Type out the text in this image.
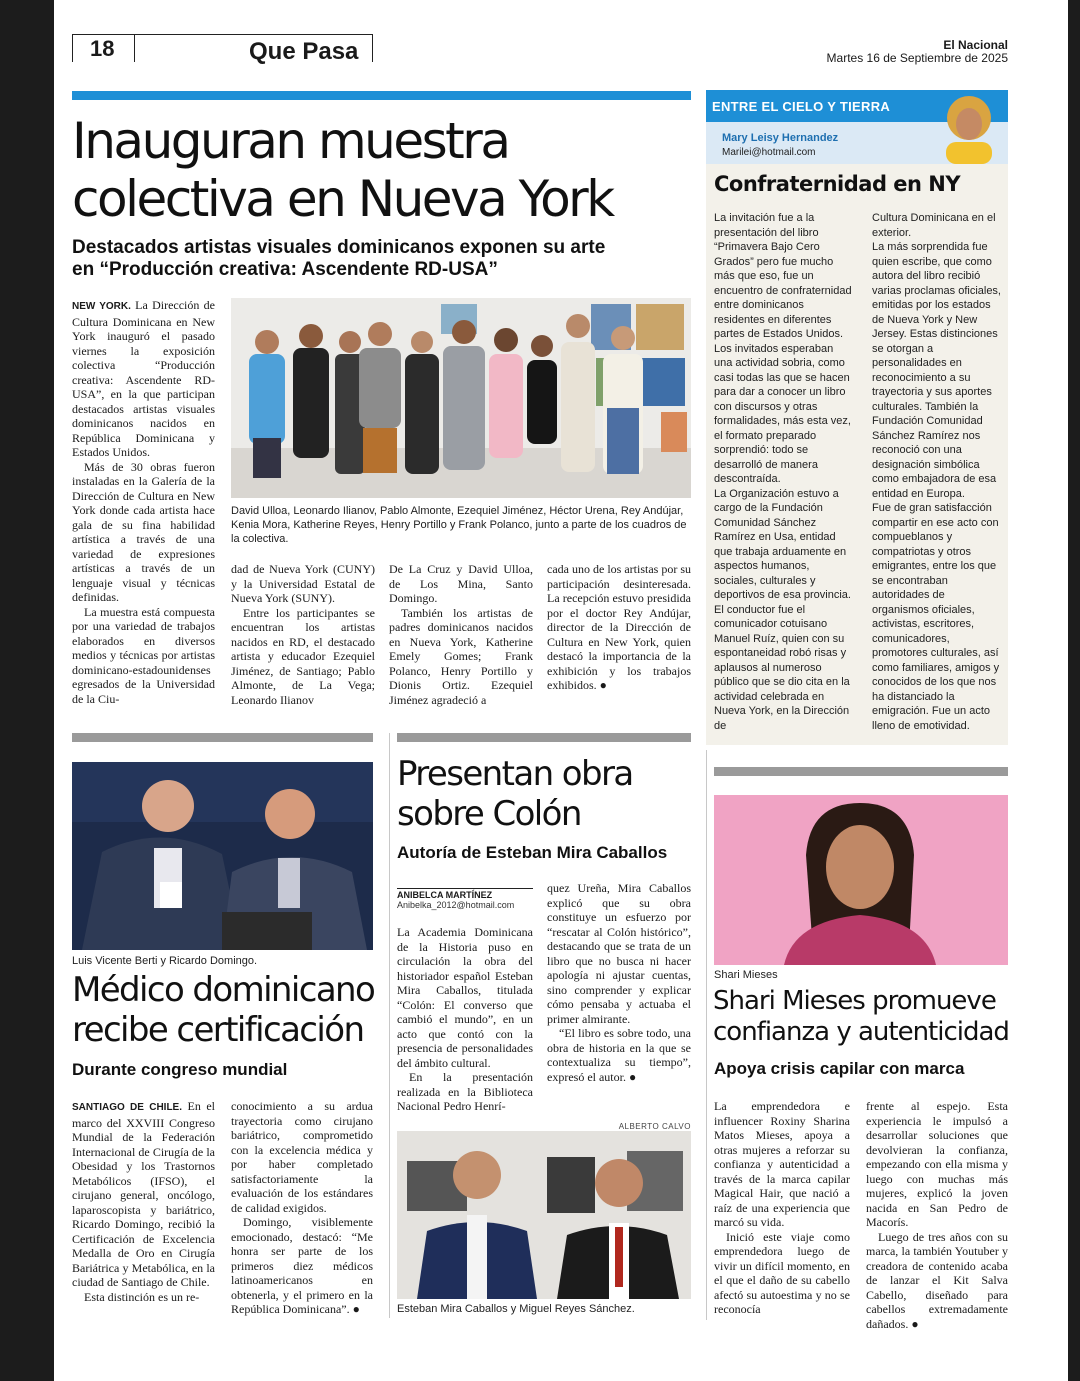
18	Que Pasa	El Nacional
Martes 16 de Septiembre de 2025
Inauguran muestra
colectiva en Nueva York
Destacados artistas visuales dominicanos exponen su arte
en “Producción creativa: Ascendente RD-USA”

NEW YORK. La Dirección de Cultura Dominicana en New York inauguró el pasado viernes la exposición colectiva “Producción creativa: Ascendente RD-USA”, en la que participan destacados artistas visuales dominicanos nacidos en República Dominicana y Estados Unidos.

Más de 30 obras fueron instaladas en la Galería de la Dirección de Cultura en New York donde cada artista hace gala de su fina habilidad artística a través de una variedad de expresiones artísticas a través de un lenguaje visual y técnicas definidas.

La muestra está compuesta por una variedad de trabajos elaborados en diversos medios y técnicas por artistas dominicano-estadounidenses egresados de la Universidad de la Ciu-

David Ulloa, Leonardo Ilianov, Pablo Almonte, Ezequiel Jiménez, Héctor Urena, Rey Andújar, Kenia Mora, Katherine Reyes, Henry Portillo y Frank Polanco, junto a parte de los cuadros de la colectiva.

dad de Nueva York (CUNY) y la Universidad Estatal de Nueva York (SUNY).

Entre los participantes se encuentran los artistas nacidos en RD, el destacado artista y educador Ezequiel Jiménez, de Santiago; Pablo Almonte, de La Vega; Leonardo Ilianov

De La Cruz y David Ulloa, de Los Mina, Santo Domingo.

También los artistas de padres dominicanos nacidos en Nueva York, Katherine Emely Gomes; Frank Polanco, Henry Portillo y Dionis Ortiz. Ezequiel Jiménez agradeció a

cada uno de los artistas por su participación desinteresada. La recepción estuvo presidida por el doctor Rey Andújar, director de la Dirección de Cultura en New York, quien destacó la importancia de la exhibición y los trabajos exhibidos. ●

ENTRE EL CIELO Y TIERRA
Mary Leisy Hernandez
Marilei@hotmail.com
Confraternidad en NY

La invitación fue a la presentación del libro “Primavera Bajo Cero Grados” pero fue mucho más que eso, fue un encuentro de confraternidad entre dominicanos residentes en diferentes partes de Estados Unidos. Los invitados esperaban una actividad sobria, como casi todas las que se hacen para dar a conocer un libro con discursos y otras formalidades, más esta vez, el formato preparado sorprendió: todo se desarrolló de manera descontraída.

La Organización estuvo a cargo de la Fundación Comunidad Sánchez Ramírez en Usa, entidad que trabaja arduamente en aspectos humanos, sociales, culturales y deportivos de esa provincia. El conductor fue el comunicador cotuisano Manuel Ruíz, quien con su espontaneidad robó risas y aplausos al numeroso público que se dio cita en la actividad celebrada en Nueva York, en la Dirección de

Cultura Dominicana en el exterior.

La más sorprendida fue quien escribe, que como autora del libro recibió varias proclamas oficiales, emitidas por los estados de Nueva York y New Jersey. Estas distinciones se otorgan a personalidades en reconocimiento a su trayectoria y sus aportes culturales. También la Fundación Comunidad Sánchez Ramírez nos reconoció con una designación simbólica como embajadora de esa entidad en Europa.

Fue de gran satisfacción compartir en ese acto con compueblanos y compatriotas y otros emigrantes, entre los que se encontraban autoridades de organismos oficiales, activistas, escritores, comunicadores, promotores culturales, así como familiares, amigos y conocidos de los que nos ha distanciado la emigración. Fue un acto lleno de emotividad.

Luis Vicente Berti y Ricardo Domingo.
Médico dominicano
recibe certificación
Durante congreso mundial

SANTIAGO DE CHILE. En el marco del XXVIII Congreso Mundial de la Federación Internacional de Cirugía de la Obesidad y los Trastornos Metabólicos (IFSO), el cirujano general, oncólogo, laparoscopista y bariátrico, Ricardo Domingo, recibió la Certificación de Excelencia Medalla de Oro en Cirugía Bariátrica y Metabólica, en la ciudad de Santiago de Chile.

Esta distinción es un re-

conocimiento a su ardua trayectoria como cirujano bariátrico, comprometido con la excelencia médica y por haber completado satisfactoriamente la evaluación de los estándares de calidad exigidos.

Domingo, visiblemente emocionado, destacó: “Me honra ser parte de los primeros diez médicos latinoamericanos en obtenerla, y el primero en la República Dominicana”. ●

Presentan obra
sobre Colón
Autoría de Esteban Mira Caballos
ANIBELCA MARTÍNEZ
Anibelka_2012@hotmail.com

La Academia Dominicana de la Historia puso en circulación la obra del historiador español Esteban Mira Caballos, titulada “Colón: El converso que cambió el mundo”, en un acto que contó con la presencia de personalidades del ámbito cultural.

En la presentación realizada en la Biblioteca Nacional Pedro Henrí-

quez Ureña, Mira Caballos explicó que su obra constituye un esfuerzo por “rescatar al Colón histórico”, destacando que se trata de un libro que no busca ni hacer apología ni ajustar cuentas, sino comprender y explicar cómo pensaba y actuaba el primer almirante.

“El libro es sobre todo, una obra de historia en la que se contextualiza su tiempo”, expresó el autor. ●

ALBERTO CALVO
Esteban Mira Caballos y Miguel Reyes Sánchez.
Shari Mieses
Shari Mieses promueve
confianza y autenticidad
Apoya crisis capilar con marca

La emprendedora e influencer Roxiny Sharina Matos Mieses, apoya a otras mujeres a reforzar su confianza y autenticidad a través de la marca capilar Magical Hair, que nació a raíz de una experiencia que marcó su vida.

Inició este viaje como emprendedora luego de vivir un difícil momento, en el que el daño de su cabello afectó su autoestima y no se reconocía

frente al espejo. Esta experiencia le impulsó a desarrollar soluciones que devolvieran la confianza, empezando con ella misma y luego con muchas más mujeres, explicó la joven nacida en San Pedro de Macorís.

Luego de tres años con su marca, la también Youtuber y creadora de contenido acaba de lanzar el Kit Salva Cabello, diseñado para cabellos extremadamente dañados. ●
